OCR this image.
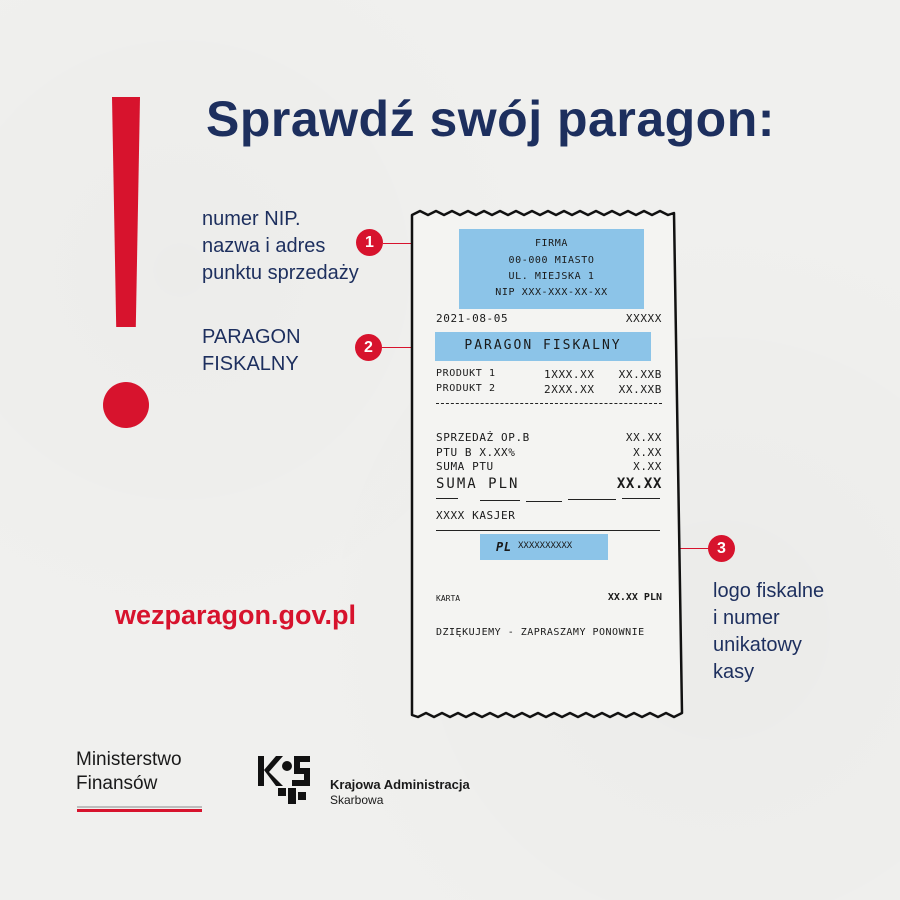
Sprawdź swój paragon:
numer NIP.
nazwa i adres
punktu sprzedaży
PARAGON
FISKALNY
logo fiskalne
i numer
unikatowy
kasy
1
2
3
wezparagon.gov.pl
FIRMA
00-000 MIASTO
UL. MIEJSKA 1
NIP XXX-XXX-XX-XX
2021-08-05	XXXXX
PARAGON FISKALNY
PRODUKT 1	1XXX.XX XX.XXB
PRODUKT 2	2XXX.XX XX.XXB
SPRZEDAŻ OP.B	XX.XX
PTU B X.XX%	X.XX
SUMA PTU	X.XX
SUMA PLN	XX.XX
XXXX KASJER
PL XXXXXXXXXX
KARTA	XX.XX PLN
DZIĘKUJEMY - ZAPRASZAMY PONOWNIE
Ministerstwo
Finansów	Krajowa Administracja
Skarbowa
